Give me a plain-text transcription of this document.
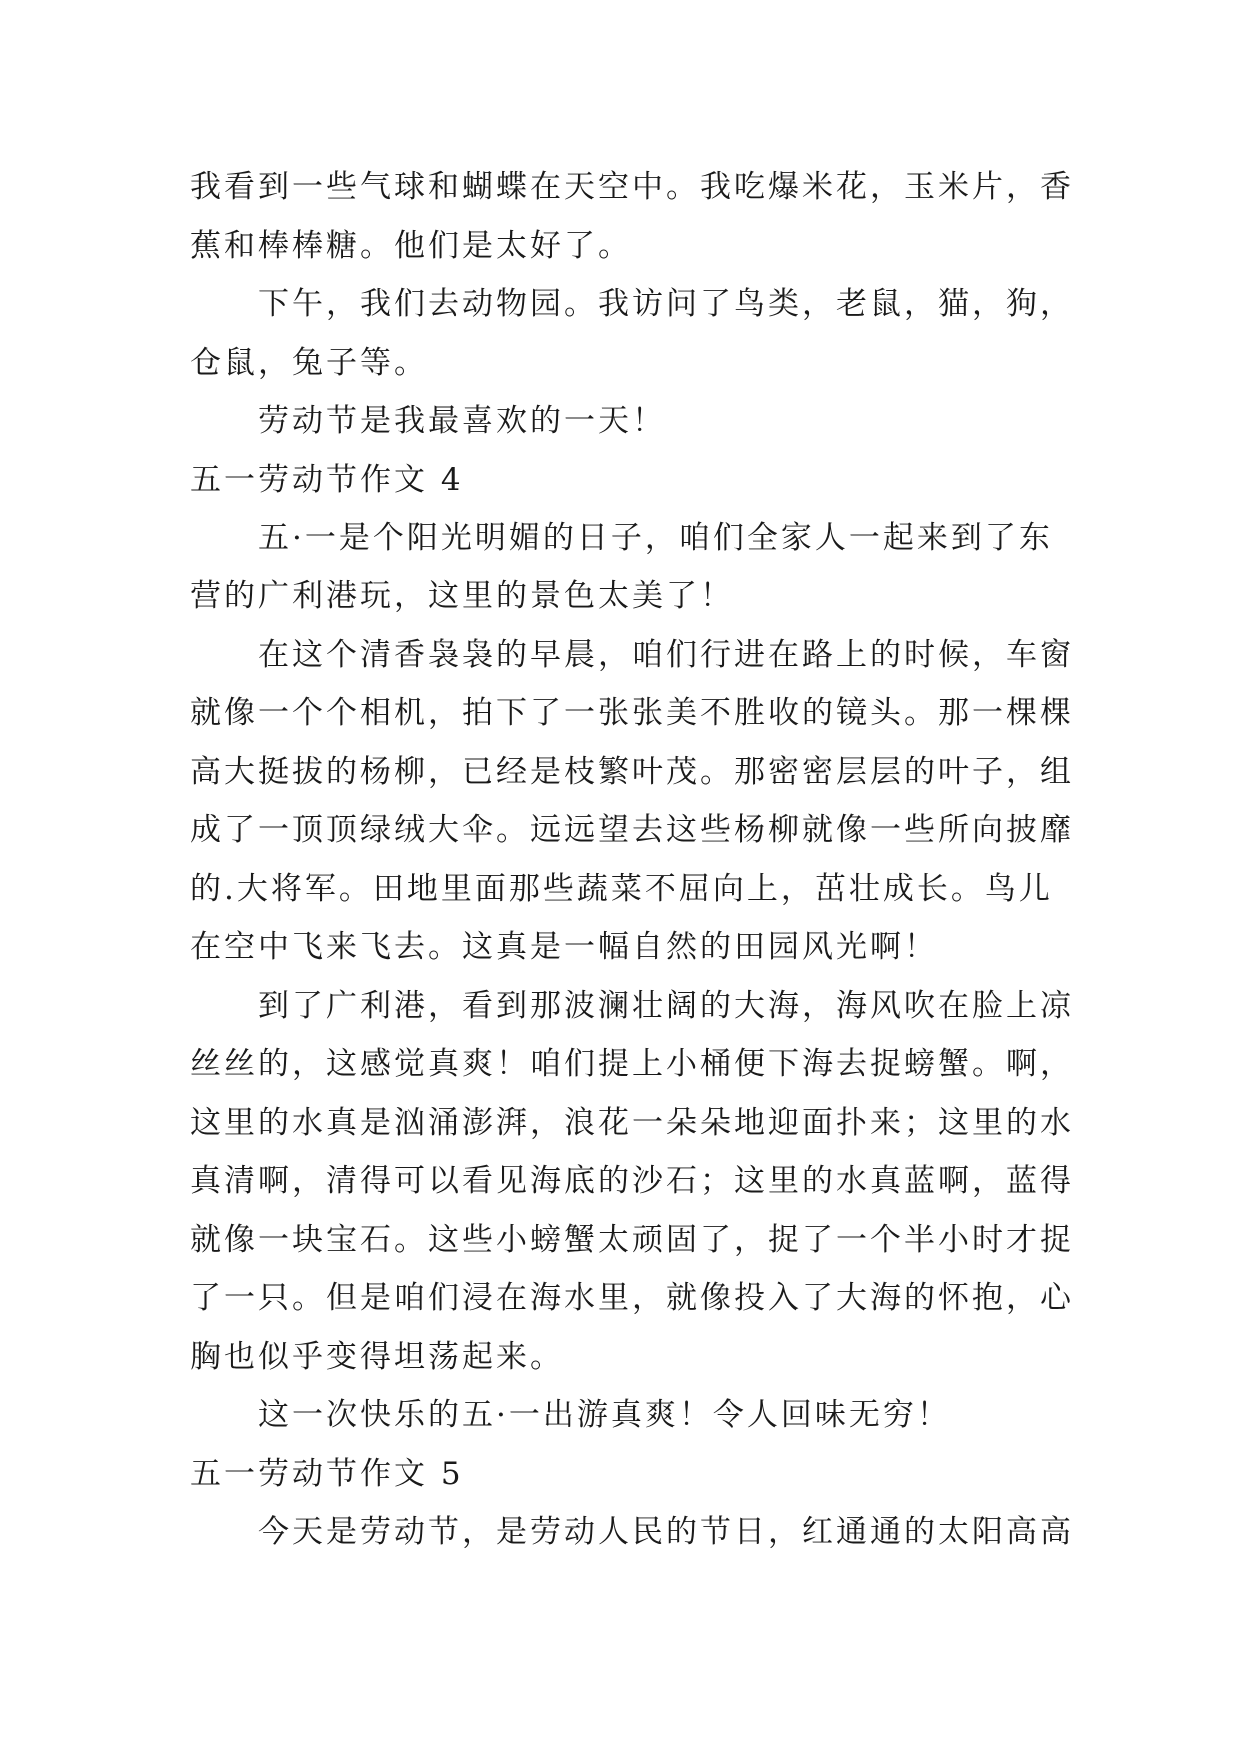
我看到一些气球和蝴蝶在天空中。我吃爆米花，玉米片，香
蕉和棒棒糖。他们是太好了。
　　下午，我们去动物园。我访问了鸟类，老鼠，猫，狗，
仓鼠，兔子等。
　　劳动节是我最喜欢的一天！
五一劳动节作文 4
　　五·一是个阳光明媚的日子，咱们全家人一起来到了东
营的广利港玩，这里的景色太美了！
　　在这个清香袅袅的早晨，咱们行进在路上的时候，车窗
就像一个个相机，拍下了一张张美不胜收的镜头。那一棵棵
高大挺拔的杨柳，已经是枝繁叶茂。那密密层层的叶子，组
成了一顶顶绿绒大伞。远远望去这些杨柳就像一些所向披靡
的.大将军。田地里面那些蔬菜不屈向上，茁壮成长。鸟儿
在空中飞来飞去。这真是一幅自然的田园风光啊！
　　到了广利港，看到那波澜壮阔的大海，海风吹在脸上凉
丝丝的，这感觉真爽！咱们提上小桶便下海去捉螃蟹。啊，
这里的水真是汹涌澎湃，浪花一朵朵地迎面扑来；这里的水
真清啊，清得可以看见海底的沙石；这里的水真蓝啊，蓝得
就像一块宝石。这些小螃蟹太顽固了，捉了一个半小时才捉
了一只。但是咱们浸在海水里，就像投入了大海的怀抱，心
胸也似乎变得坦荡起来。
　　这一次快乐的五·一出游真爽！令人回味无穷！
五一劳动节作文 5
　　今天是劳动节，是劳动人民的节日，红通通的太阳高高
